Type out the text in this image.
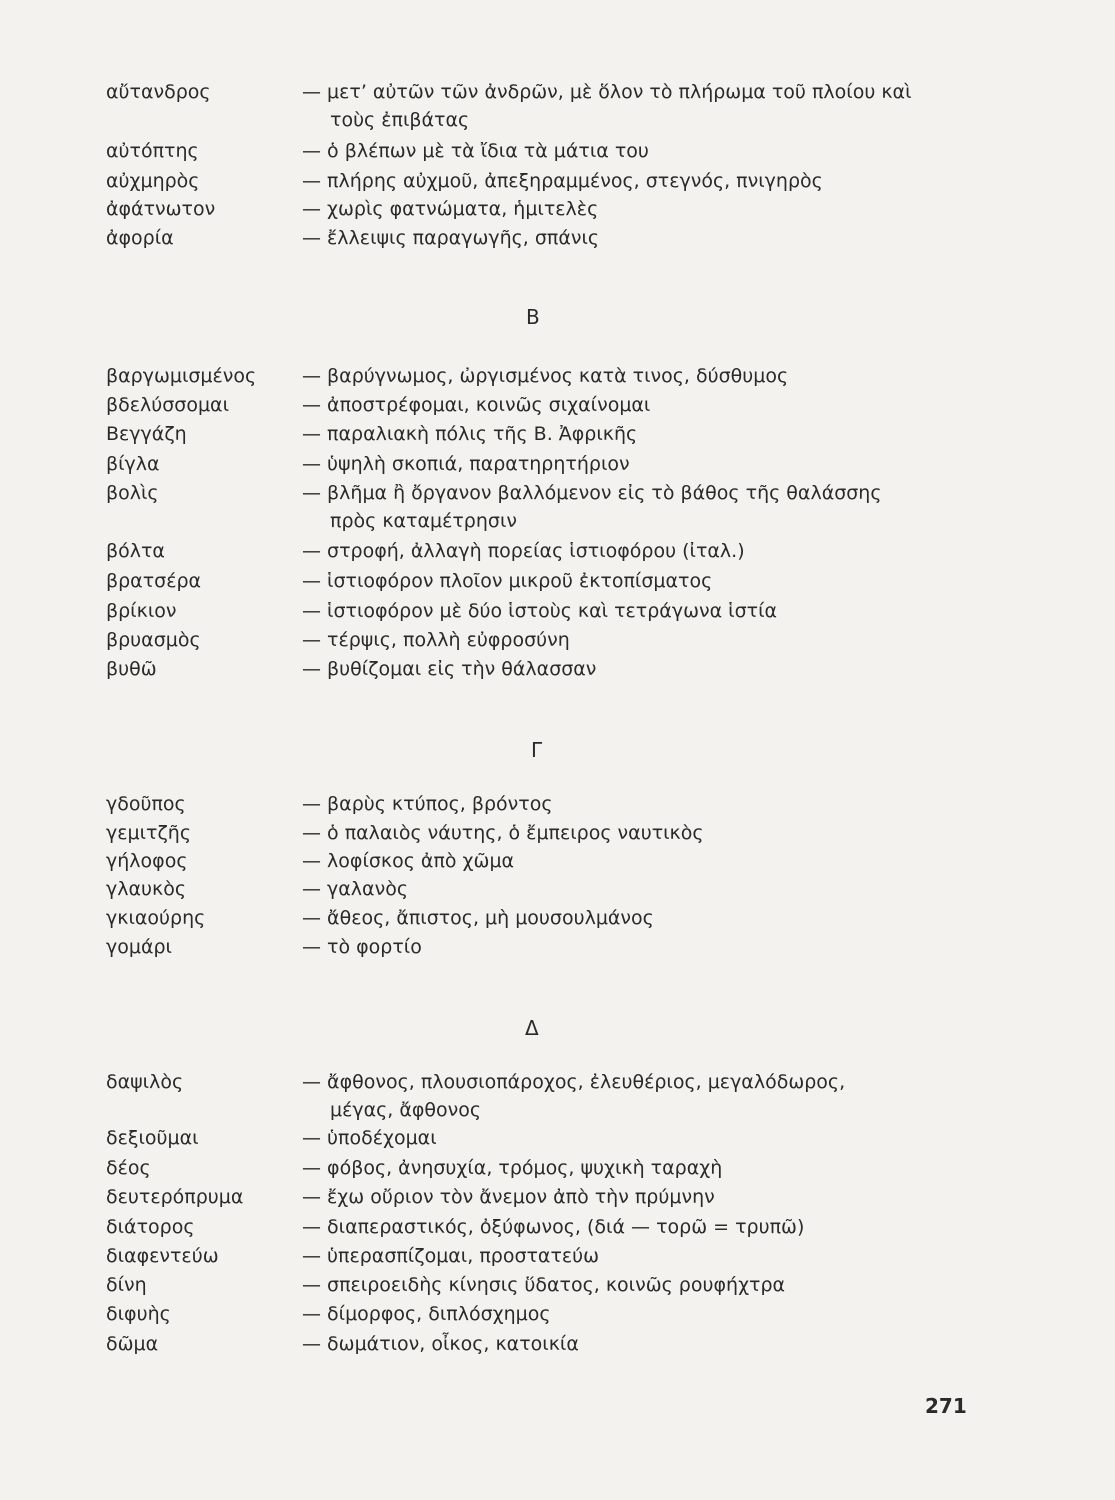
αὔτανδρος	— μετ’ αὐτῶν τῶν ἀνδρῶν, μὲ ὅλον τὸ πλήρωμα τοῦ πλοίου καὶ
τοὺς ἐπιβάτας
αὐτόπτης	— ὁ βλέπων μὲ τὰ ἴδια τὰ μάτια του
αὐχμηρὸς	— πλήρης αὐχμοῦ, ἀπεξηραμμένος, στεγνός, πνιγηρὸς
ἀφάτνωτον	— χωρὶς φατνώματα, ἡμιτελὲς
ἀφορία	— ἔλλειψις παραγωγῆς, σπάνις
Β
βαργωμισμένος — βαρύγνωμος, ὠργισμένος κατὰ τινος, δύσθυμος
βδελύσσομαι	— ἀποστρέφομαι, κοινῶς σιχαίνομαι
Βεγγάζη	— παραλιακὴ πόλις τῆς Β. Ἀφρικῆς
βίγλα	— ὑψηλὴ σκοπιά, παρατηρητήριον
βολὶς	— βλῆμα ἢ ὄργανον βαλλόμενον εἰς τὸ βάθος τῆς θαλάσσης
πρὸς καταμέτρησιν
βόλτα	— στροφή, ἀλλαγὴ πορείας ἱστιοφόρου (ἰταλ.)
βρατσέρα	— ἱστιοφόρον πλοῖον μικροῦ ἐκτοπίσματος
βρίκιον	— ἱστιοφόρον μὲ δύο ἱστοὺς καὶ τετράγωνα ἱστία
βρυασμὸς	— τέρψις, πολλὴ εὐφροσύνη
βυθῶ	— βυθίζομαι εἰς τὴν θάλασσαν
Γ
γδοῦπος	— βαρὺς κτύπος, βρόντος
γεμιτζῆς	— ὁ παλαιὸς νάυτης, ὁ ἔμπειρος ναυτικὸς
γήλοφος	— λοφίσκος ἀπὸ χῶμα
γλαυκὸς	— γαλανὸς
γκιαούρης	— ἄθεος, ἄπιστος, μὴ μουσουλμάνος
γομάρι	— τὸ φορτίο
Δ
δαψιλὸς	— ἄφθονος, πλουσιοπάροχος, ἐλευθέριος, μεγαλόδωρος,
μέγας, ἄφθονος
δεξιοῦμαι	— ὑποδέχομαι
δέος	— φόβος, ἀνησυχία, τρόμος, ψυχικὴ ταραχὴ
δευτερόπρυμα	— ἔχω οὔριον τὸν ἄνεμον ἀπὸ τὴν πρύμνην
διάτορος	— διαπεραστικός, ὀξύφωνος, (διά — τορῶ = τρυπῶ)
διαφεντεύω	— ὑπερασπίζομαι, προστατεύω
δίνη	— σπειροειδὴς κίνησις ὕδατος, κοινῶς ρουφήχτρα
διφυὴς	— δίμορφος, διπλόσχημος
δῶμα	— δωμάτιον, οἶκος, κατοικία
271
